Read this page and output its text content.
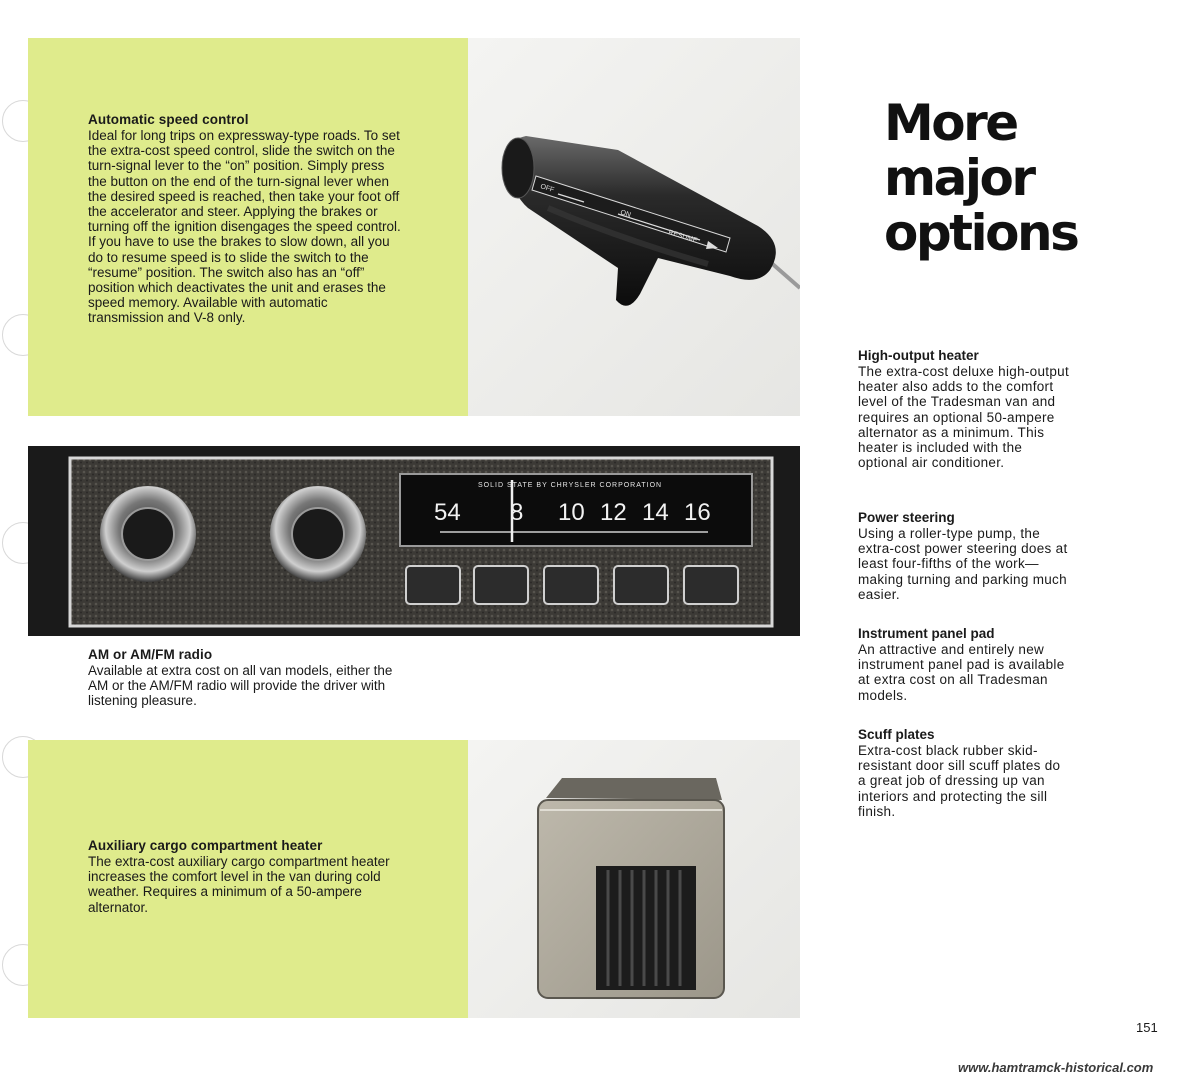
OFF
ON
RESUME
Automatic speed control

Ideal for long trips on expressway-type roads. To set the extra-cost speed control, slide the switch on the turn-signal lever to the “on” position. Simply press the button on the end of the turn-signal lever when the desired speed is reached, then take your foot off the accelerator and steer. Applying the brakes or turning off the ignition disengages the speed control. If you have to use the brakes to slow down, all you do to resume speed is to slide the switch to the “resume” position. The switch also has an “off” position which deactivates the unit and erases the speed memory. Available with automatic transmission and V-8 only.

More
major
options
SOLID STATE BY CHRYSLER CORPORATION
54 8 10 12 14 16
AM or AM/FM radio

Available at extra cost on all van models, either the AM or the AM/FM radio will provide the driver with listening pleasure.

Auxiliary cargo compartment heater

The extra-cost auxiliary cargo compartment heater increases the comfort level in the van during cold weather. Requires a minimum of a 50-ampere alternator.

High-output heater

The extra-cost deluxe high-output heater also adds to the comfort level of the Tradesman van and requires an optional 50-ampere alternator as a minimum. This heater is included with the optional air conditioner.

Power steering

Using a roller-type pump, the extra-cost power steering does at least four-fifths of the work—making turning and parking much easier.

Instrument panel pad

An attractive and entirely new instrument panel pad is available at extra cost on all Tradesman models.

Scuff plates

Extra-cost black rubber skid-resistant door sill scuff plates do a great job of dressing up van interiors and protecting the sill finish.

151
www.hamtramck-historical.com
